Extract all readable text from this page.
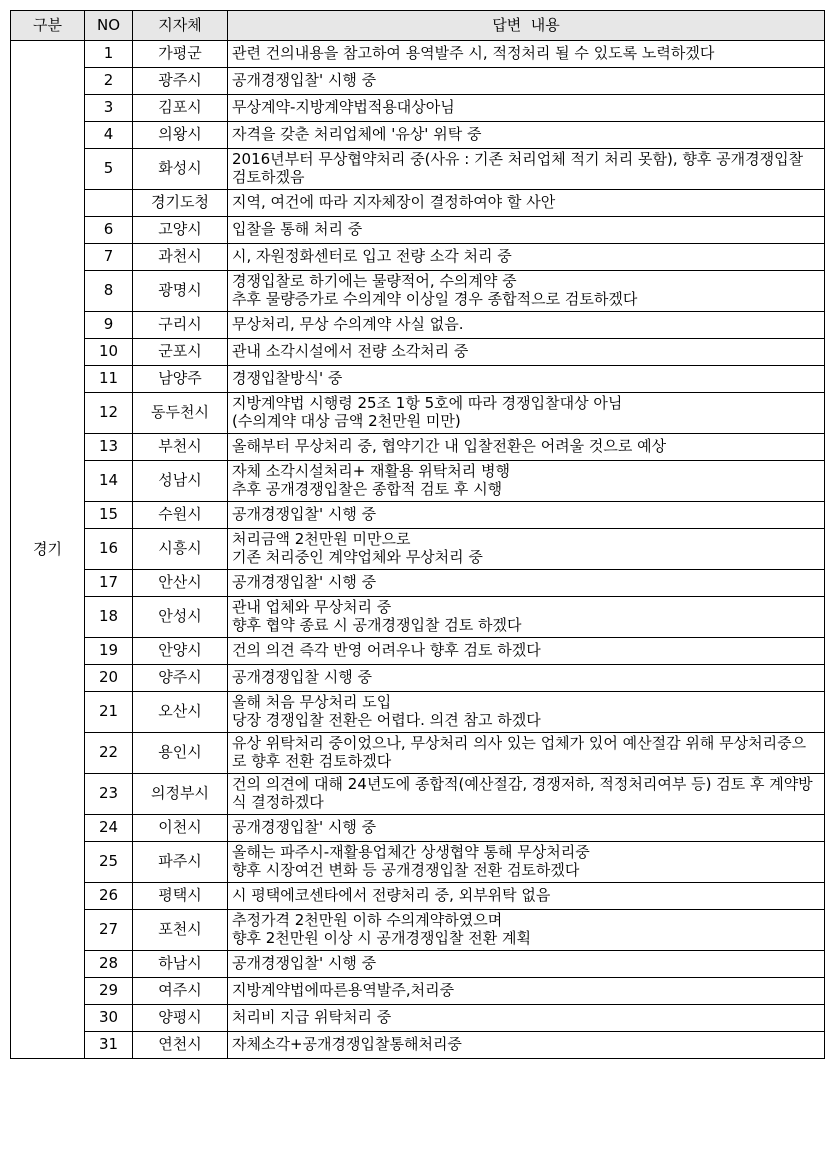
구분	NO	지자체	답변  내용
경기	1	가평군	관련 건의내용을 참고하여 용역발주 시, 적정처리 될 수 있도록 노력하겠다
	2	광주시	공개경쟁입찰' 시행 중
	3	김포시	무상계약-지방계약법적용대상아님
	4	의왕시	자격을 갖춘 처리업체에 '유상' 위탁 중
	5	화성시	2016년부터 무상협약처리 중(사유 : 기존 처리업체 적기 처리 못함), 향후 공개경쟁입찰 검토하겠음
		경기도청	지역, 여건에 따라 지자체장이 결정하여야 할 사안
	6	고양시	입찰을 통해 처리 중
	7	과천시	시, 자원정화센터로 입고 전량 소각 처리 중
	8	광명시	경쟁입찰로 하기에는 물량적어, 수의계약 중
추후 물량증가로 수의계약 이상일 경우 종합적으로 검토하겠다
	9	구리시	무상처리, 무상 수의계약 사실 없음.
	10	군포시	관내 소각시설에서 전량 소각처리 중
	11	남양주	경쟁입찰방식' 중
	12	동두천시	지방계약법 시행령 25조 1항 5호에 따라 경쟁입찰대상 아님
(수의계약 대상 금액 2천만원 미만)
	13	부천시	올해부터 무상처리 중, 협약기간 내 입찰전환은 어려울 것으로 예상
	14	성남시	자체 소각시설처리+ 재활용 위탁처리 병행
추후 공개경쟁입찰은 종합적 검토 후 시행
	15	수원시	공개경쟁입찰' 시행 중
	16	시흥시	처리금액 2천만원 미만으로
기존 처리중인 계약업체와 무상처리 중
	17	안산시	공개경쟁입찰' 시행 중
	18	안성시	관내 업체와 무상처리 중
향후 협약 종료 시 공개경쟁입찰 검토 하겠다
	19	안양시	건의 의견 즉각 반영 어려우나 향후 검토 하겠다
	20	양주시	공개경쟁입찰 시행 중
	21	오산시	올해 처음 무상처리 도입
당장 경쟁입찰 전환은 어렵다. 의견 참고 하겠다
	22	용인시	유상 위탁처리 중이었으나, 무상처리 의사 있는 업체가 있어 예산절감 위해 무상처리중으로 향후 전환 검토하겠다
	23	의정부시	건의 의견에 대해 24년도에 종합적(예산절감, 경쟁저하, 적정처리여부 등) 검토 후 계약방식 결정하겠다
	24	이천시	공개경쟁입찰' 시행 중
	25	파주시	올해는 파주시-재활용업체간 상생협약 통해 무상처리중
향후 시장여건 변화 등 공개경쟁입찰 전환 검토하겠다
	26	평택시	시 평택에코센타에서 전량처리 중, 외부위탁 없음
	27	포천시	추정가격 2천만원 이하 수의계약하였으며
향후 2천만원 이상 시 공개경쟁입찰 전환 계획
	28	하남시	공개경쟁입찰' 시행 중
	29	여주시	지방계약법에따른용역발주,처리중
	30	양평시	처리비 지급 위탁처리 중
	31	연천시	자체소각+공개경쟁입찰통해처리중
